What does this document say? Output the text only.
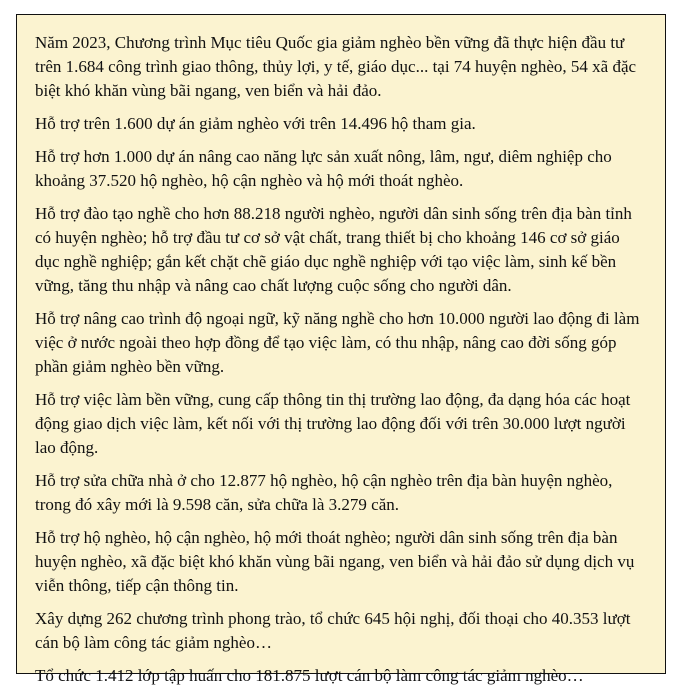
Năm 2023, Chương trình Mục tiêu Quốc gia giảm nghèo bền vững đã thực hiện đầu tư trên 1.684 công trình giao thông, thủy lợi, y tế, giáo dục... tại 74 huyện nghèo, 54 xã đặc biệt khó khăn vùng bãi ngang, ven biển và hải đảo.

Hỗ trợ trên 1.600 dự án giảm nghèo với trên 14.496 hộ tham gia.

Hỗ trợ hơn 1.000 dự án nâng cao năng lực sản xuất nông, lâm, ngư, diêm nghiệp cho khoảng 37.520 hộ nghèo, hộ cận nghèo và hộ mới thoát nghèo.

Hỗ trợ đào tạo nghề cho hơn 88.218 người nghèo, người dân sinh sống trên địa bàn tỉnh có huyện nghèo; hỗ trợ đầu tư cơ sở vật chất, trang thiết bị cho khoảng 146 cơ sở giáo dục nghề nghiệp; gắn kết chặt chẽ giáo dục nghề nghiệp với tạo việc làm, sinh kế bền vững, tăng thu nhập và nâng cao chất lượng cuộc sống cho người dân.

Hỗ trợ nâng cao trình độ ngoại ngữ, kỹ năng nghề cho hơn 10.000 người lao động đi làm việc ở nước ngoài theo hợp đồng để tạo việc làm, có thu nhập, nâng cao đời sống góp phần giảm nghèo bền vững.

Hỗ trợ việc làm bền vững, cung cấp thông tin thị trường lao động, đa dạng hóa các hoạt động giao dịch việc làm, kết nối với thị trường lao động đối với trên 30.000 lượt người lao động.

Hỗ trợ sửa chữa nhà ở cho 12.877 hộ nghèo, hộ cận nghèo trên địa bàn huyện nghèo, trong đó xây mới là 9.598 căn, sửa chữa là 3.279 căn.

Hỗ trợ hộ nghèo, hộ cận nghèo, hộ mới thoát nghèo; người dân sinh sống trên địa bàn huyện nghèo, xã đặc biệt khó khăn vùng bãi ngang, ven biển và hải đảo sử dụng dịch vụ viễn thông, tiếp cận thông tin.

Xây dựng 262 chương trình phong trào, tổ chức 645 hội nghị, đối thoại cho 40.353 lượt cán bộ làm công tác giảm nghèo…

Tổ chức 1.412 lớp tập huấn cho 181.875 lượt cán bộ làm công tác giảm nghèo…
